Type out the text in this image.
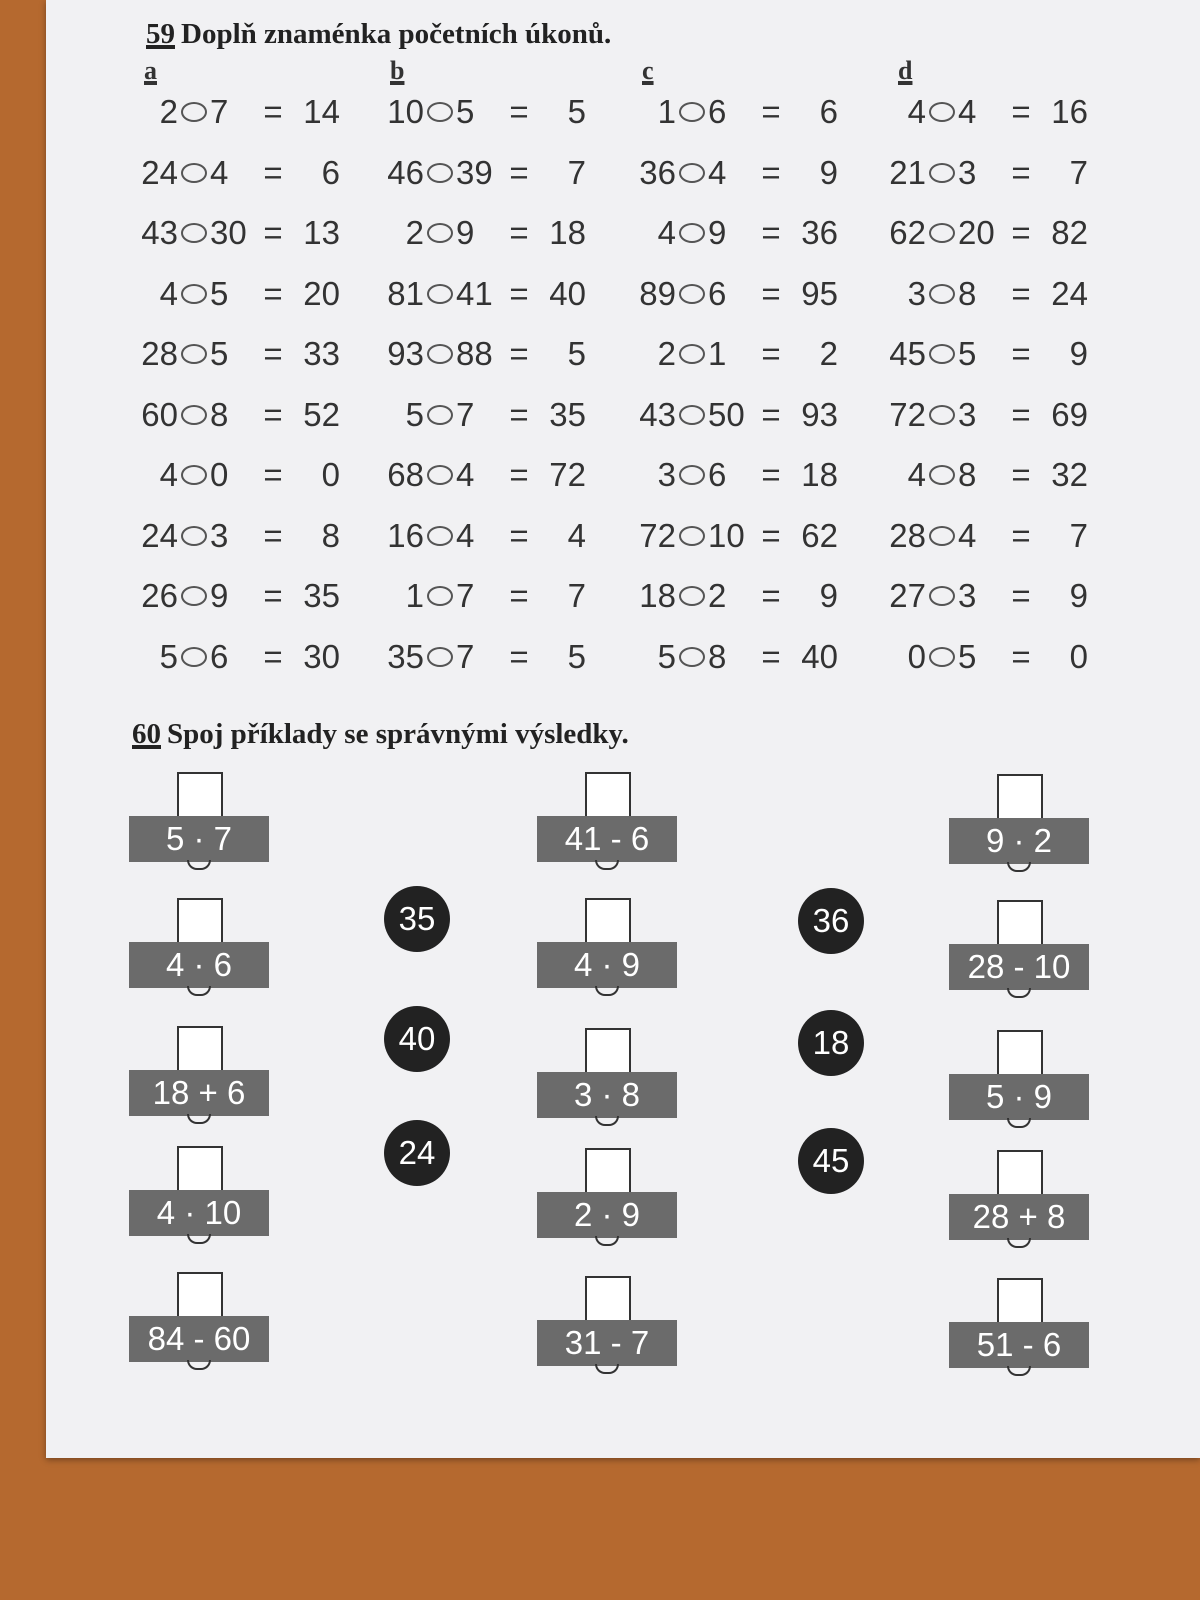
59 Doplň znaménka početních úkonů.
a	b	c	d
2 7	= 14
24 4	=	6
43 30 = 13
4 5	= 20
28 5	= 33
60 8	= 52
4 0	=	0
24 3	=	8
26 9	= 35
5 6	= 30
10 5	=	5
46 39 =	7
2 9	= 18
81 41 = 40
93 88 =	5
5 7	= 35
68 4	= 72
16 4	=	4
1 7	=	7
35 7	=	5
1 6	=	6
36 4	=	9
4 9	= 36
89 6	= 95
2 1	=	2
43 50 = 93
3 6	= 18
72 10 = 62
18 2	=	9
5 8	= 40
4 4	= 16
21 3	=	7
62 20 = 82
3 8	= 24
45 5	=	9
72 3	= 69
4 8	= 32
28 4	=	7
27 3	=	9
0 5	=	0
60 Spoj příklady se správnými výsledky.
5 · 7
4 · 6
18 + 6
4 · 10
84 - 60
41 - 6
4 · 9
3 · 8
2 · 9
31 - 7
9 · 2
28 - 10
5 · 9
28 + 8
51 - 6
35
40
24
36
18
45
